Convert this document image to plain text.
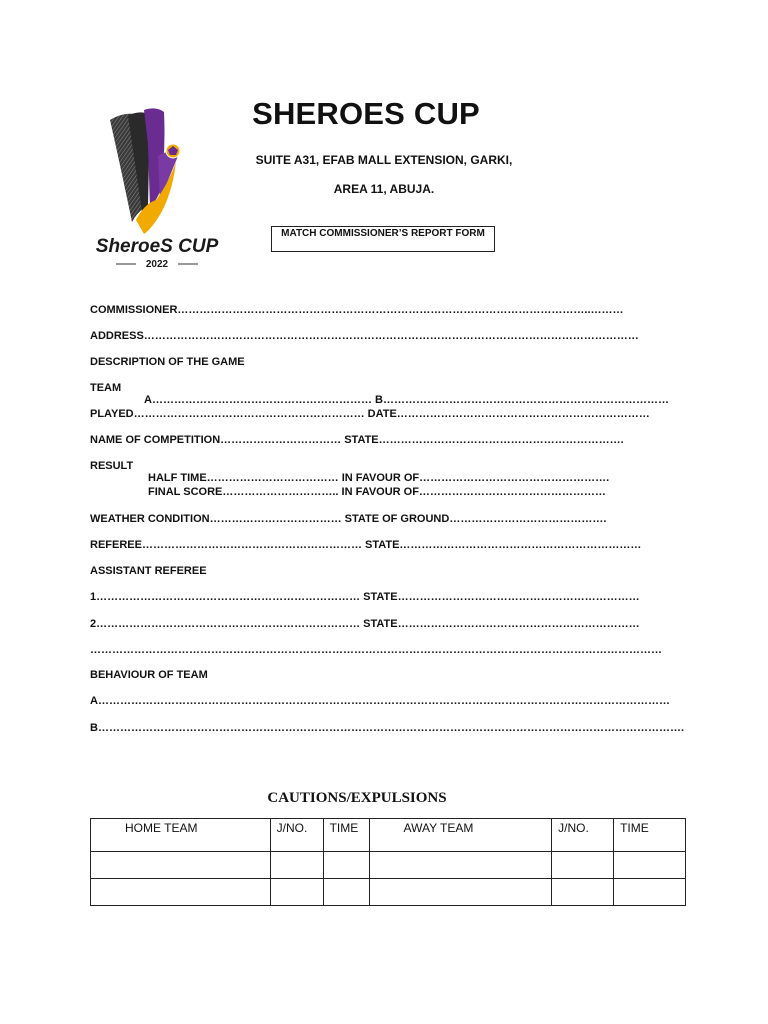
SheroeS CUP
2022
SHEROES CUP
SUITE A31, EFAB MALL EXTENSION, GARKI,
AREA 11, ABUJA.
MATCH COMMISSIONER’S REPORT FORM

COMMISSIONER…………………………………………………………………………………………………..………

ADDRESS………………………………………………………………………………………………………………………

DESCRIPTION OF THE GAME

TEAM

A…………………………………………………… B……………………………………………………………………

PLAYED……………………………………………………… DATE……………………………………………………………

NAME OF COMPETITION…………………………… STATE………………………………………………………….

RESULT

HALF TIME……………………………… IN FAVOUR OF…………………………………………….

FINAL SCORE………………………….. IN FAVOUR OF……………………………………………

WEATHER CONDITION……………………………… STATE OF GROUND…………………………………….

REFEREE…………………………………………………… STATE…………………………………………………………

ASSISTANT REFEREE

1……………………………………………………………… STATE…………………………………………………………

2……………………………………………………………… STATE…………………………………………………………

…………………………………………………………………………………………………………………………………………

BEHAVIOUR OF TEAM

A…………………………………………………………………………………………………………………………………………

B…………………………………………………………………………………………………………………………………………….

CAUTIONS/EXPULSIONS
HOME TEAM	J/NO.	TIME	AWAY TEAM	J/NO.	TIME
